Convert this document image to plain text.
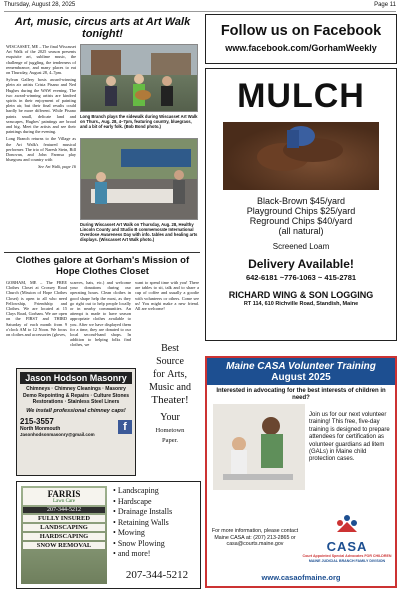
Thursday, August 28, 2025	Page 11
Art, music, circus arts at Art Walk tonight!

WISCASSET, ME – The final Wiscasset Art Walk of the 2025 season presents exquisite art, sublime music, the challenge of juggling, the tenderness of remembrance, and many places to eat on Thursday, August 28, 4–7pm.

Sylvan Gallery hosts award-winning plein air artists Crista Pisano and Ned Hughes during the WAW evening. The two award-winning artists are kindred spirits in their enjoyment of painting plein air, but their final results could hardly be more different. While Pisano paints small, delicate land and seascapes, Hughes' paintings are broad and big. Meet the artists and see their paintings during the evening.

Long Branch returns to the Village as the Art Walk's featured musical performer. The trio of Naresh Stein, Bill Donovan, and John Farmsa play bluegrass and country with

See Art Walk, page 16

Long Branch plays the sidewalk during Wiscasset Art Walk on Thurs., Aug. 28, 4–7pm, featuring country, bluegrass, and a bit of early folk. (Bob Bond photo.)
During Wiscasset Art Walk on Thursday, Aug. 28, Healthy Lincoln County and Studio B commemorate International Overdose Awareness Day with info. tables and healing arts displays. (Wiscasset Art Walk photo.)
Clothes galore at Gorham's Mission of Hope Clothes Closet
GORHAM, ME – The FREE Clothes Closet at Crossey Road Church (Mission of Hope Clothes Closet) is open to all who need Fellowship, Friendship and Clothes. We are located at 15 Clays Road, Gorham. We are open on the FIRST and THIRD Saturday of each month from 9 o'clock AM to 12 Noon. We focus on clothes and accessories (gloves,
scarves, hats, etc.) and welcome your donations during our operating hours. Clean clothes in good shape help the most, as they go right out to help people locally or in nearby communities. An attempt is made to have season appropriate clothes available to you. After we have displayed them for a time, they are donated to our local second-hand shops. In addition to helping folks find clothes, we
want to spend time with you! There are tables to sit, talk and to share a cup of coffee and usually a goodie with volunteers or others. Come see us! You might make a new friend. All are welcome!
Jason Hodson Masonry
Chimneys · Chimney Cleanings · Masonry Demo Repointing & Repairs · Culture Stones Restorations · Stainless Steel Liners
We install professional chimney caps!
215-3557
North Monmouth
Jasonhodsonmasonry@gmail.com
f
Best
Source
for Arts,
Music and
Theater!
Your
Hometown
Paper.
FARRIS
Lawn Care
207-344-5212
FULLY INSURED
LANDSCAPING
HARDSCAPING
SNOW REMOVAL
• Landscaping
• Hardscape
• Drainage Installs
• Retaining Walls
• Mowing
• Snow Plowing
• and more!
207-344-5212
Follow us on Facebook
www.facebook.com/GorhamWeekly
MULCH
Black-Brown $45/yard
Playground Chips $25/yard
Reground Chips $40/yard
(all natural)
Screened Loam
Delivery Available!
642-6181 ~776-1063 ~ 415-2781
RICHARD WING & SON LOGGING
RT 114, 610 Richville Road, Standish, Maine
Maine CASA Volunteer Training
August 2025
Interested in advocating for the best interests of children in need?
Join us for our next volunteer training! This free, five-day training is designed to prepare attendees for certification as volunteer guardians ad litem (GALs) in Maine child protection cases.
For more information, please contact Maine CASA at: (207) 213-2865 or casa@courts.maine.gov	CASA
Court Appointed Special Advocates FOR CHILDREN
MAINE JUDICIAL BRANCH FAMILY DIVISION
www.casaofmaine.org
